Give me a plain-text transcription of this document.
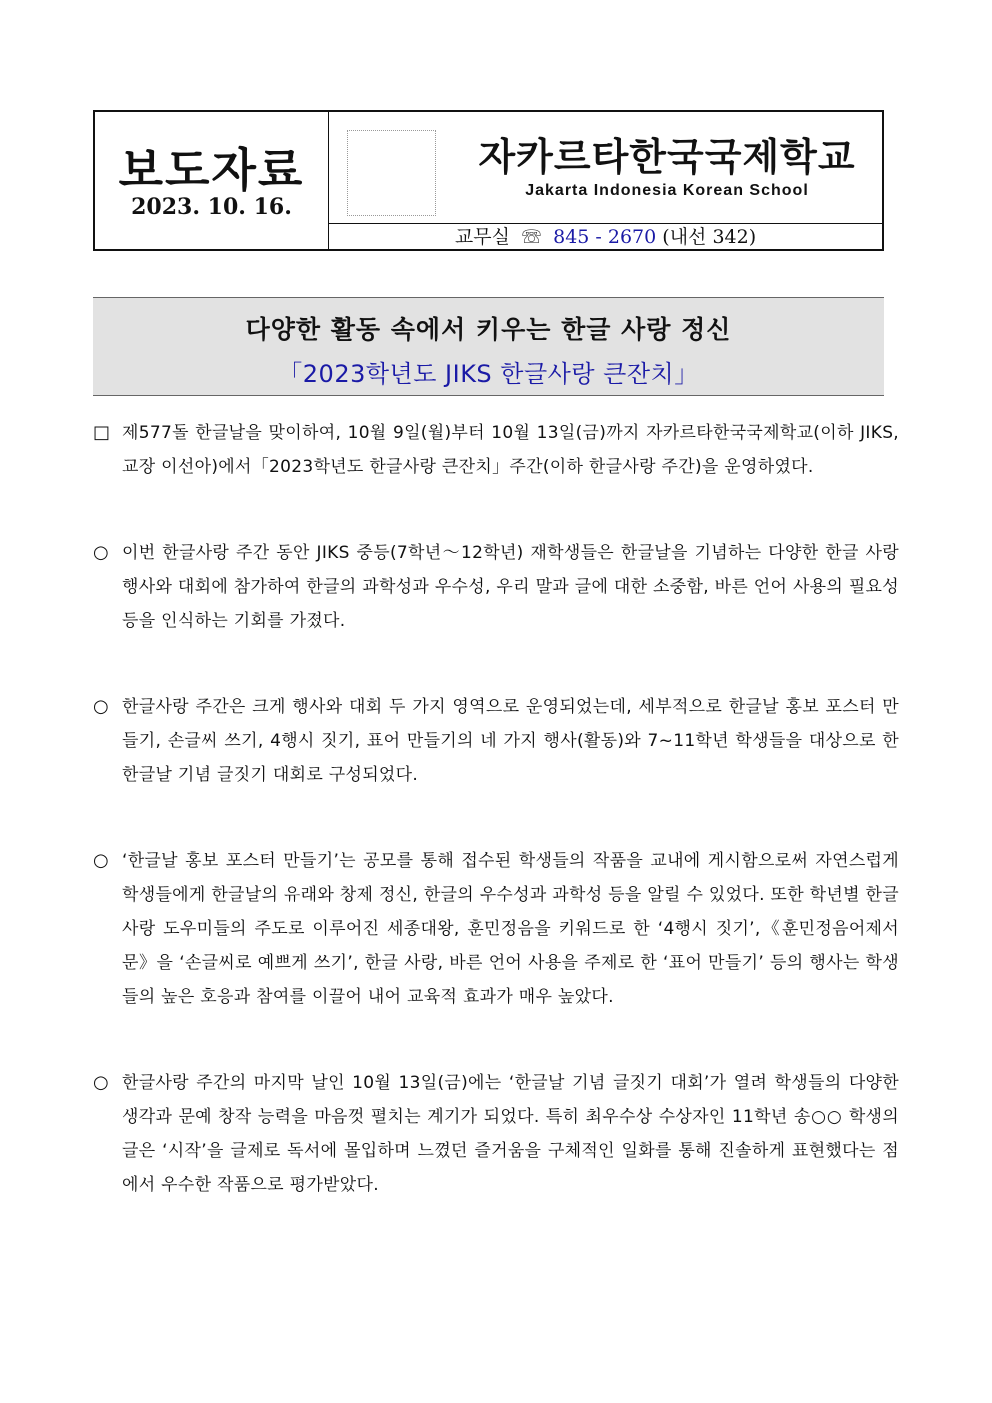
보도자료
2023. 10. 16.
자카르타한국국제학교
Jakarta Indonesia Korean School
교무실  ☏  845 - 2670 (내선 342)
다양한 활동 속에서 키우는 한글 사랑 정신
「2023학년도 JIKS 한글사랑 큰잔치」
□ 제577돌 한글날을 맞이하여, 10월 9일(월)부터 10월 13일(금)까지 자카르타한국국제학교(이하 JIKS, 교장 이선아)에서「2023학년도 한글사랑 큰잔치」주간(이하 한글사랑 주간)을 운영하였다.
○ 이번 한글사랑 주간 동안 JIKS 중등(7학년～12학년) 재학생들은 한글날을 기념하는 다양한 한글 사랑 행사와 대회에 참가하여 한글의 과학성과 우수성, 우리 말과 글에 대한 소중함, 바른 언어 사용의 필요성 등을 인식하는 기회를 가졌다.
○ 한글사랑 주간은 크게 행사와 대회 두 가지 영역으로 운영되었는데, 세부적으로 한글날 홍보 포스터 만들기, 손글씨 쓰기, 4행시 짓기, 표어 만들기의 네 가지 행사(활동)와 7~11학년 학생들을 대상으로 한 한글날 기념 글짓기 대회로 구성되었다.
○ ‘한글날 홍보 포스터 만들기’는 공모를 통해 접수된 학생들의 작품을 교내에 게시함으로써 자연스럽게 학생들에게 한글날의 유래와 창제 정신, 한글의 우수성과 과학성 등을 알릴 수 있었다. 또한 학년별 한글사랑 도우미들의 주도로 이루어진 세종대왕, 훈민정음을 키워드로 한 ‘4행시 짓기’,《훈민정음어제서문》을 ‘손글씨로 예쁘게 쓰기’, 한글 사랑, 바른 언어 사용을 주제로 한 ‘표어 만들기’ 등의 행사는 학생들의 높은 호응과 참여를 이끌어 내어 교육적 효과가 매우 높았다.
○ 한글사랑 주간의 마지막 날인 10월 13일(금)에는 ‘한글날 기념 글짓기 대회’가 열려 학생들의 다양한 생각과 문예 창작 능력을 마음껏 펼치는 계기가 되었다. 특히 최우수상 수상자인 11학년 송○○ 학생의 글은 ‘시작’을 글제로 독서에 몰입하며 느꼈던 즐거움을 구체적인 일화를 통해 진솔하게 표현했다는 점에서 우수한 작품으로 평가받았다.
